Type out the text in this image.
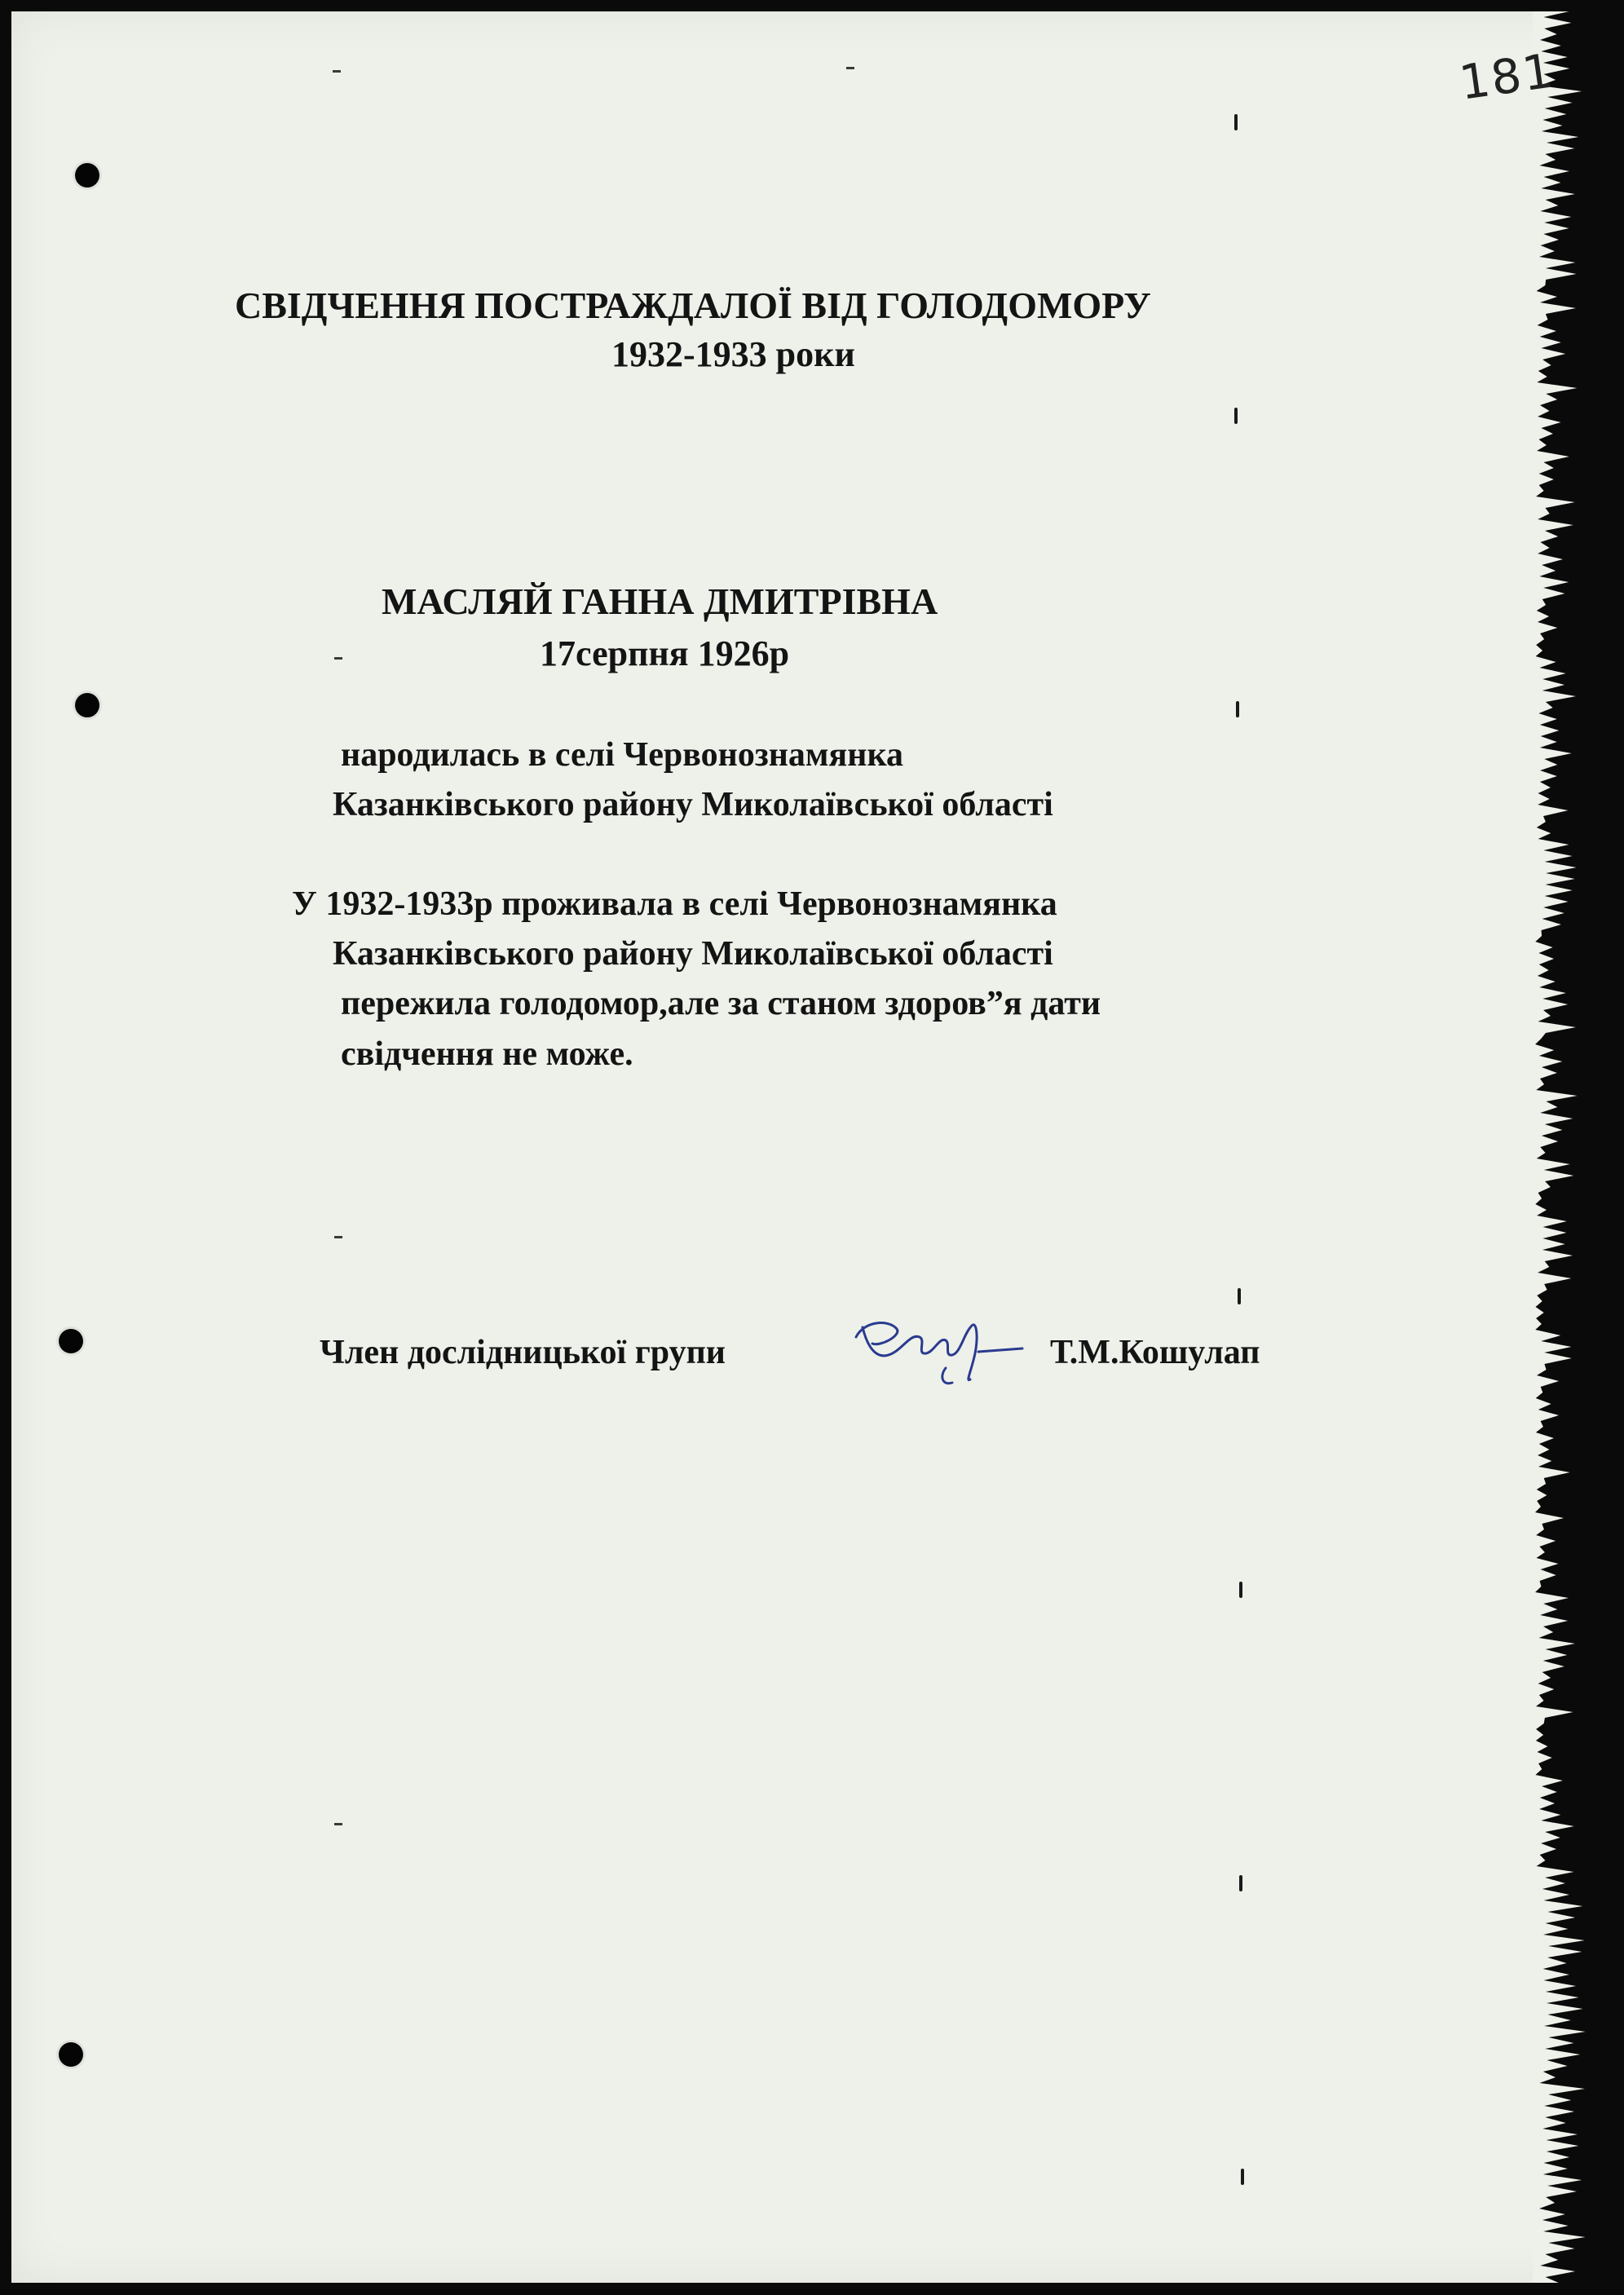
181

СВІДЧЕННЯ ПОСТРАЖДАЛОЇ ВІД ГОЛОДОМОРУ

1932-1933 роки

МАСЛЯЙ ГАННА ДМИТРІВНА

17серпня 1926р

народилась в селі Червонознамянка

Казанківського району Миколаївської області

У 1932-1933р проживала в селі Червонознамянка

Казанківського району Миколаївської області

пережила голодомор,але за станом здоров”я дати

свідчення не може.

Член дослідницької групи	Т.М.Кошулап
